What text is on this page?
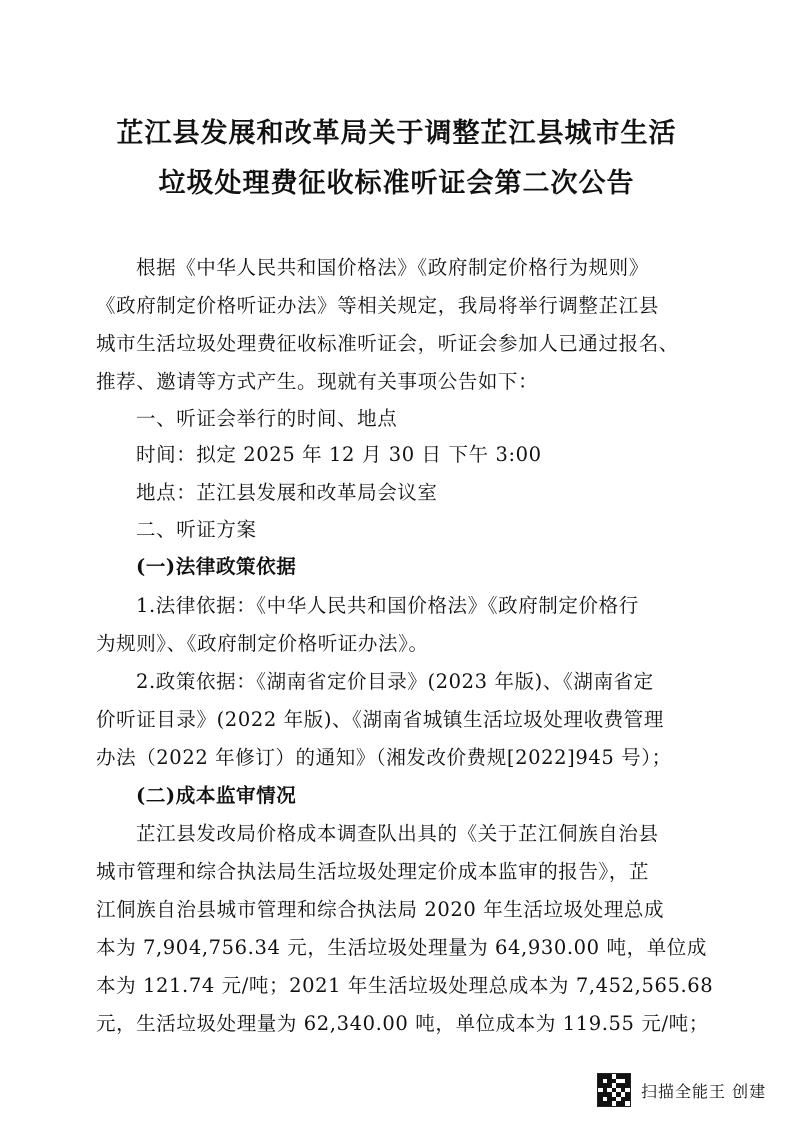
芷江县发展和改革局关于调整芷江县城市生活
垃圾处理费征收标准听证会第二次公告
根据《中华人民共和国价格法》《政府制定价格行为规则》
《政府制定价格听证办法》等相关规定，我局将举行调整芷江县
城市生活垃圾处理费征收标准听证会，听证会参加人已通过报名、
推荐、邀请等方式产生。现就有关事项公告如下：
一、听证会举行的时间、地点
时间：拟定 2025 年 12 月 30 日 下午 3:00
地点：芷江县发展和改革局会议室
二、听证方案
(一)法律政策依据
1.法律依据：《中华人民共和国价格法》《政府制定价格行
为规则》、《政府制定价格听证办法》。
2.政策依据：《湖南省定价目录》(2023 年版)、《湖南省定
价听证目录》(2022 年版)、《湖南省城镇生活垃圾处理收费管理
办法（2022 年修订）的通知》（湘发改价费规[2022]945 号）；
(二)成本监审情况
芷江县发改局价格成本调查队出具的《关于芷江侗族自治县
城市管理和综合执法局生活垃圾处理定价成本监审的报告》，芷
江侗族自治县城市管理和综合执法局 2020 年生活垃圾处理总成
本为 7,904,756.34 元，生活垃圾处理量为 64,930.00 吨，单位成
本为 121.74 元/吨；2021 年生活垃圾处理总成本为 7,452,565.68
元，生活垃圾处理量为 62,340.00 吨，单位成本为 119.55 元/吨；
扫描全能王 创建
